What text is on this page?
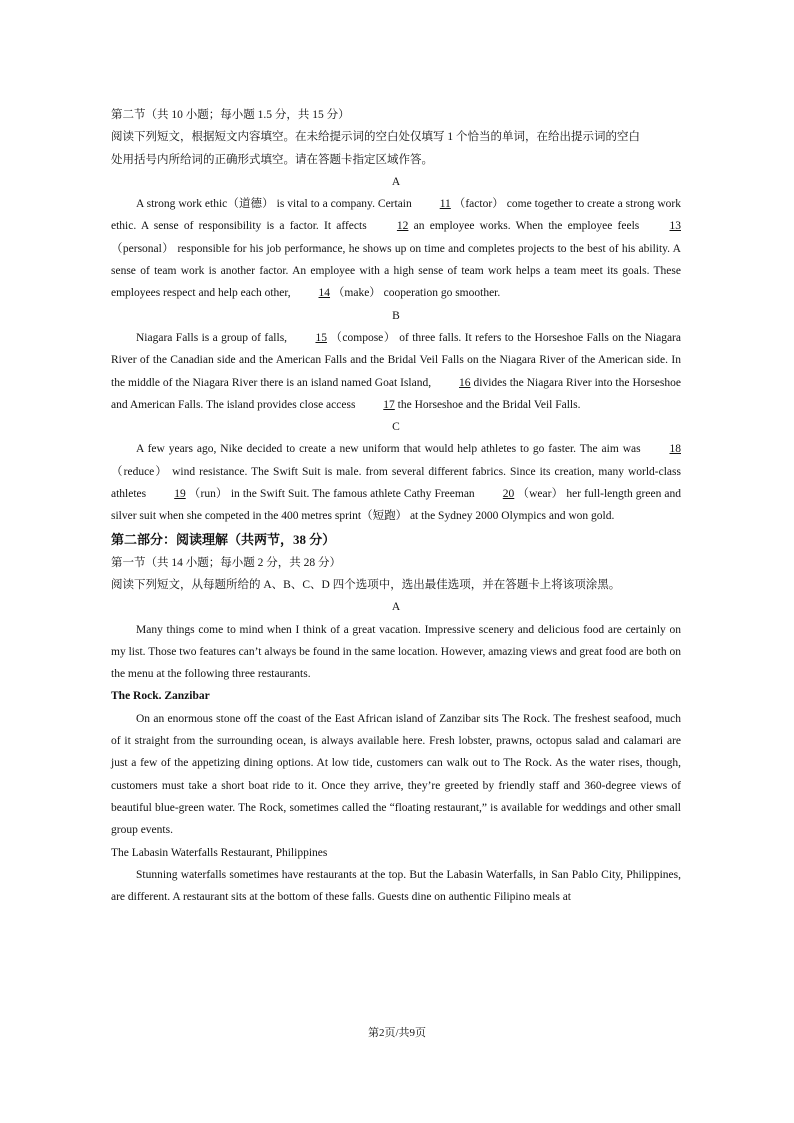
第二节（共 10 小题；每小题 1.5 分，共 15 分）

阅读下列短文，根据短文内容填空。在未给提示词的空白处仅填写 1 个恰当的单词，在给出提示词的空白

处用括号内所给词的正确形式填空。请在答题卡指定区域作答。

A

A strong work ethic（道德） is vital to a company. Certain 11 （factor） come together to create a strong work ethic. A sense of responsibility is a factor. It affects 12 an employee works. When the employee feels 13 （personal） responsible for his job performance, he shows up on time and completes projects to the best of his ability. A sense of team work is another factor. An employee with a high sense of team work helps a team meet its goals. These employees respect and help each other, 14 （make） cooperation go smoother.

B

Niagara Falls is a group of falls, 15 （compose） of three falls. It refers to the Horseshoe Falls on the Niagara River of the Canadian side and the American Falls and the Bridal Veil Falls on the Niagara River of the American side. In the middle of the Niagara River there is an island named Goat Island, 16 divides the Niagara River into the Horseshoe and American Falls. The island provides close access 17 the Horseshoe and the Bridal Veil Falls.

C

A few years ago, Nike decided to create a new uniform that would help athletes to go faster. The aim was 18 （reduce） wind resistance. The Swift Suit is male. from several different fabrics. Since its creation, many world-class athletes 19 （run） in the Swift Suit. The famous athlete Cathy Freeman 20 （wear） her full-length green and silver suit when she competed in the 400 metres sprint（短跑） at the Sydney 2000 Olympics and won gold.

第二部分：阅读理解（共两节，38 分）

第一节（共 14 小题；每小题 2 分，共 28 分）

阅读下列短文，从每题所给的 A、B、C、D 四个选项中，选出最佳选项，并在答题卡上将该项涂黑。

A

Many things come to mind when I think of a great vacation. Impressive scenery and delicious food are certainly on my list. Those two features can’t always be found in the same location. However, amazing views and great food are both on the menu at the following three restaurants.

The Rock. Zanzibar

On an enormous stone off the coast of the East African island of Zanzibar sits The Rock. The freshest seafood, much of it straight from the surrounding ocean, is always available here. Fresh lobster, prawns, octopus salad and calamari are just a few of the appetizing dining options. At low tide, customers can walk out to The Rock. As the water rises, though, customers must take a short boat ride to it. Once they arrive, they’re greeted by friendly staff and 360-degree views of beautiful blue-green water. The Rock, sometimes called the “floating restaurant,” is available for weddings and other small group events.

The Labasin Waterfalls Restaurant, Philippines

Stunning waterfalls sometimes have restaurants at the top. But the Labasin Waterfalls, in San Pablo City, Philippines, are different. A restaurant sits at the bottom of these falls. Guests dine on authentic Filipino meals at

第2页/共9页
